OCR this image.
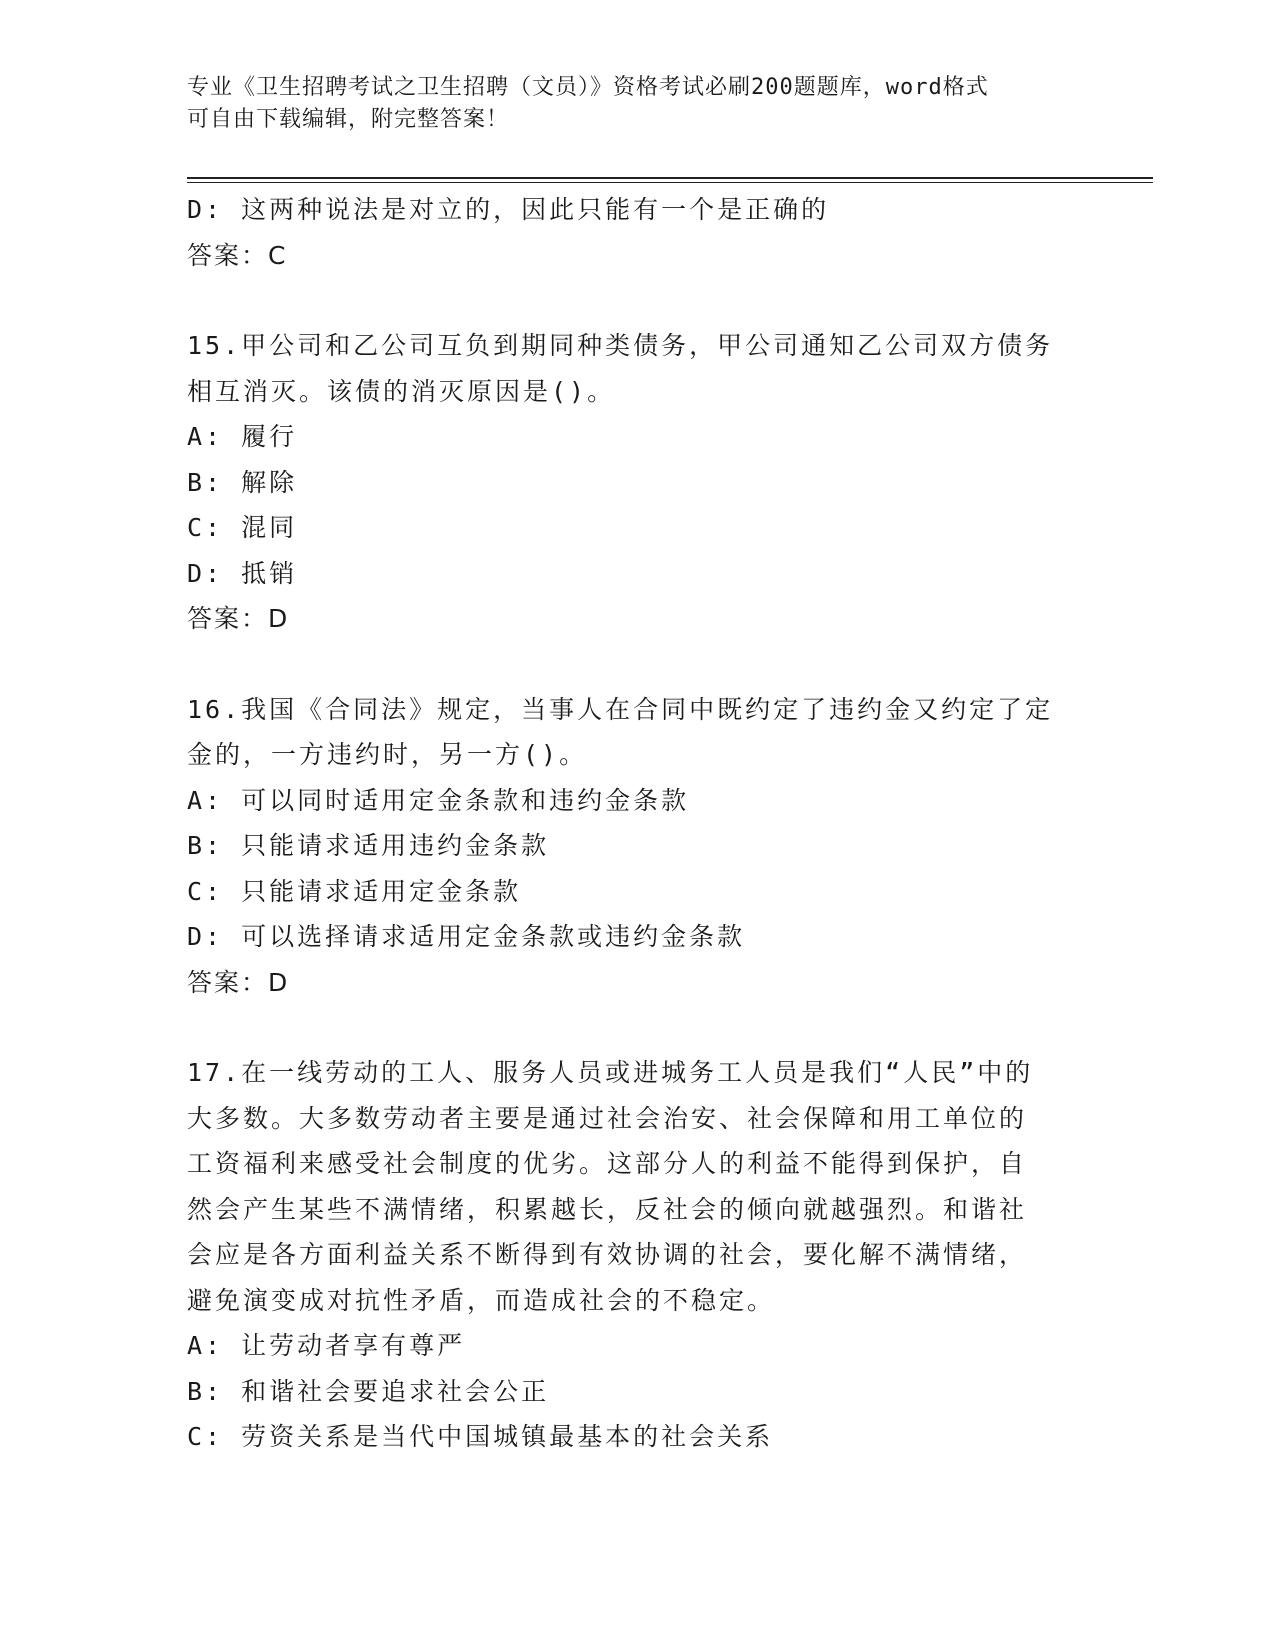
专业《卫生招聘考试之卫生招聘（文员）》资格考试必刷200题题库，word格式
可自由下载编辑，附完整答案！
D: 这两种说法是对立的，因此只能有一个是正确的
答案：C
15.甲公司和乙公司互负到期同种类债务，甲公司通知乙公司双方债务
相互消灭。该债的消灭原因是()。
A: 履行
B: 解除
C: 混同
D: 抵销
答案：D
16.我国《合同法》规定，当事人在合同中既约定了违约金又约定了定
金的，一方违约时，另一方()。
A: 可以同时适用定金条款和违约金条款
B: 只能请求适用违约金条款
C: 只能请求适用定金条款
D: 可以选择请求适用定金条款或违约金条款
答案：D
17.在一线劳动的工人、服务人员或进城务工人员是我们“人民”中的
大多数。大多数劳动者主要是通过社会治安、社会保障和用工单位的
工资福利来感受社会制度的优劣。这部分人的利益不能得到保护，自
然会产生某些不满情绪，积累越长，反社会的倾向就越强烈。和谐社
会应是各方面利益关系不断得到有效协调的社会，要化解不满情绪，
避免演变成对抗性矛盾，而造成社会的不稳定。
A: 让劳动者享有尊严
B: 和谐社会要追求社会公正
C: 劳资关系是当代中国城镇最基本的社会关系
